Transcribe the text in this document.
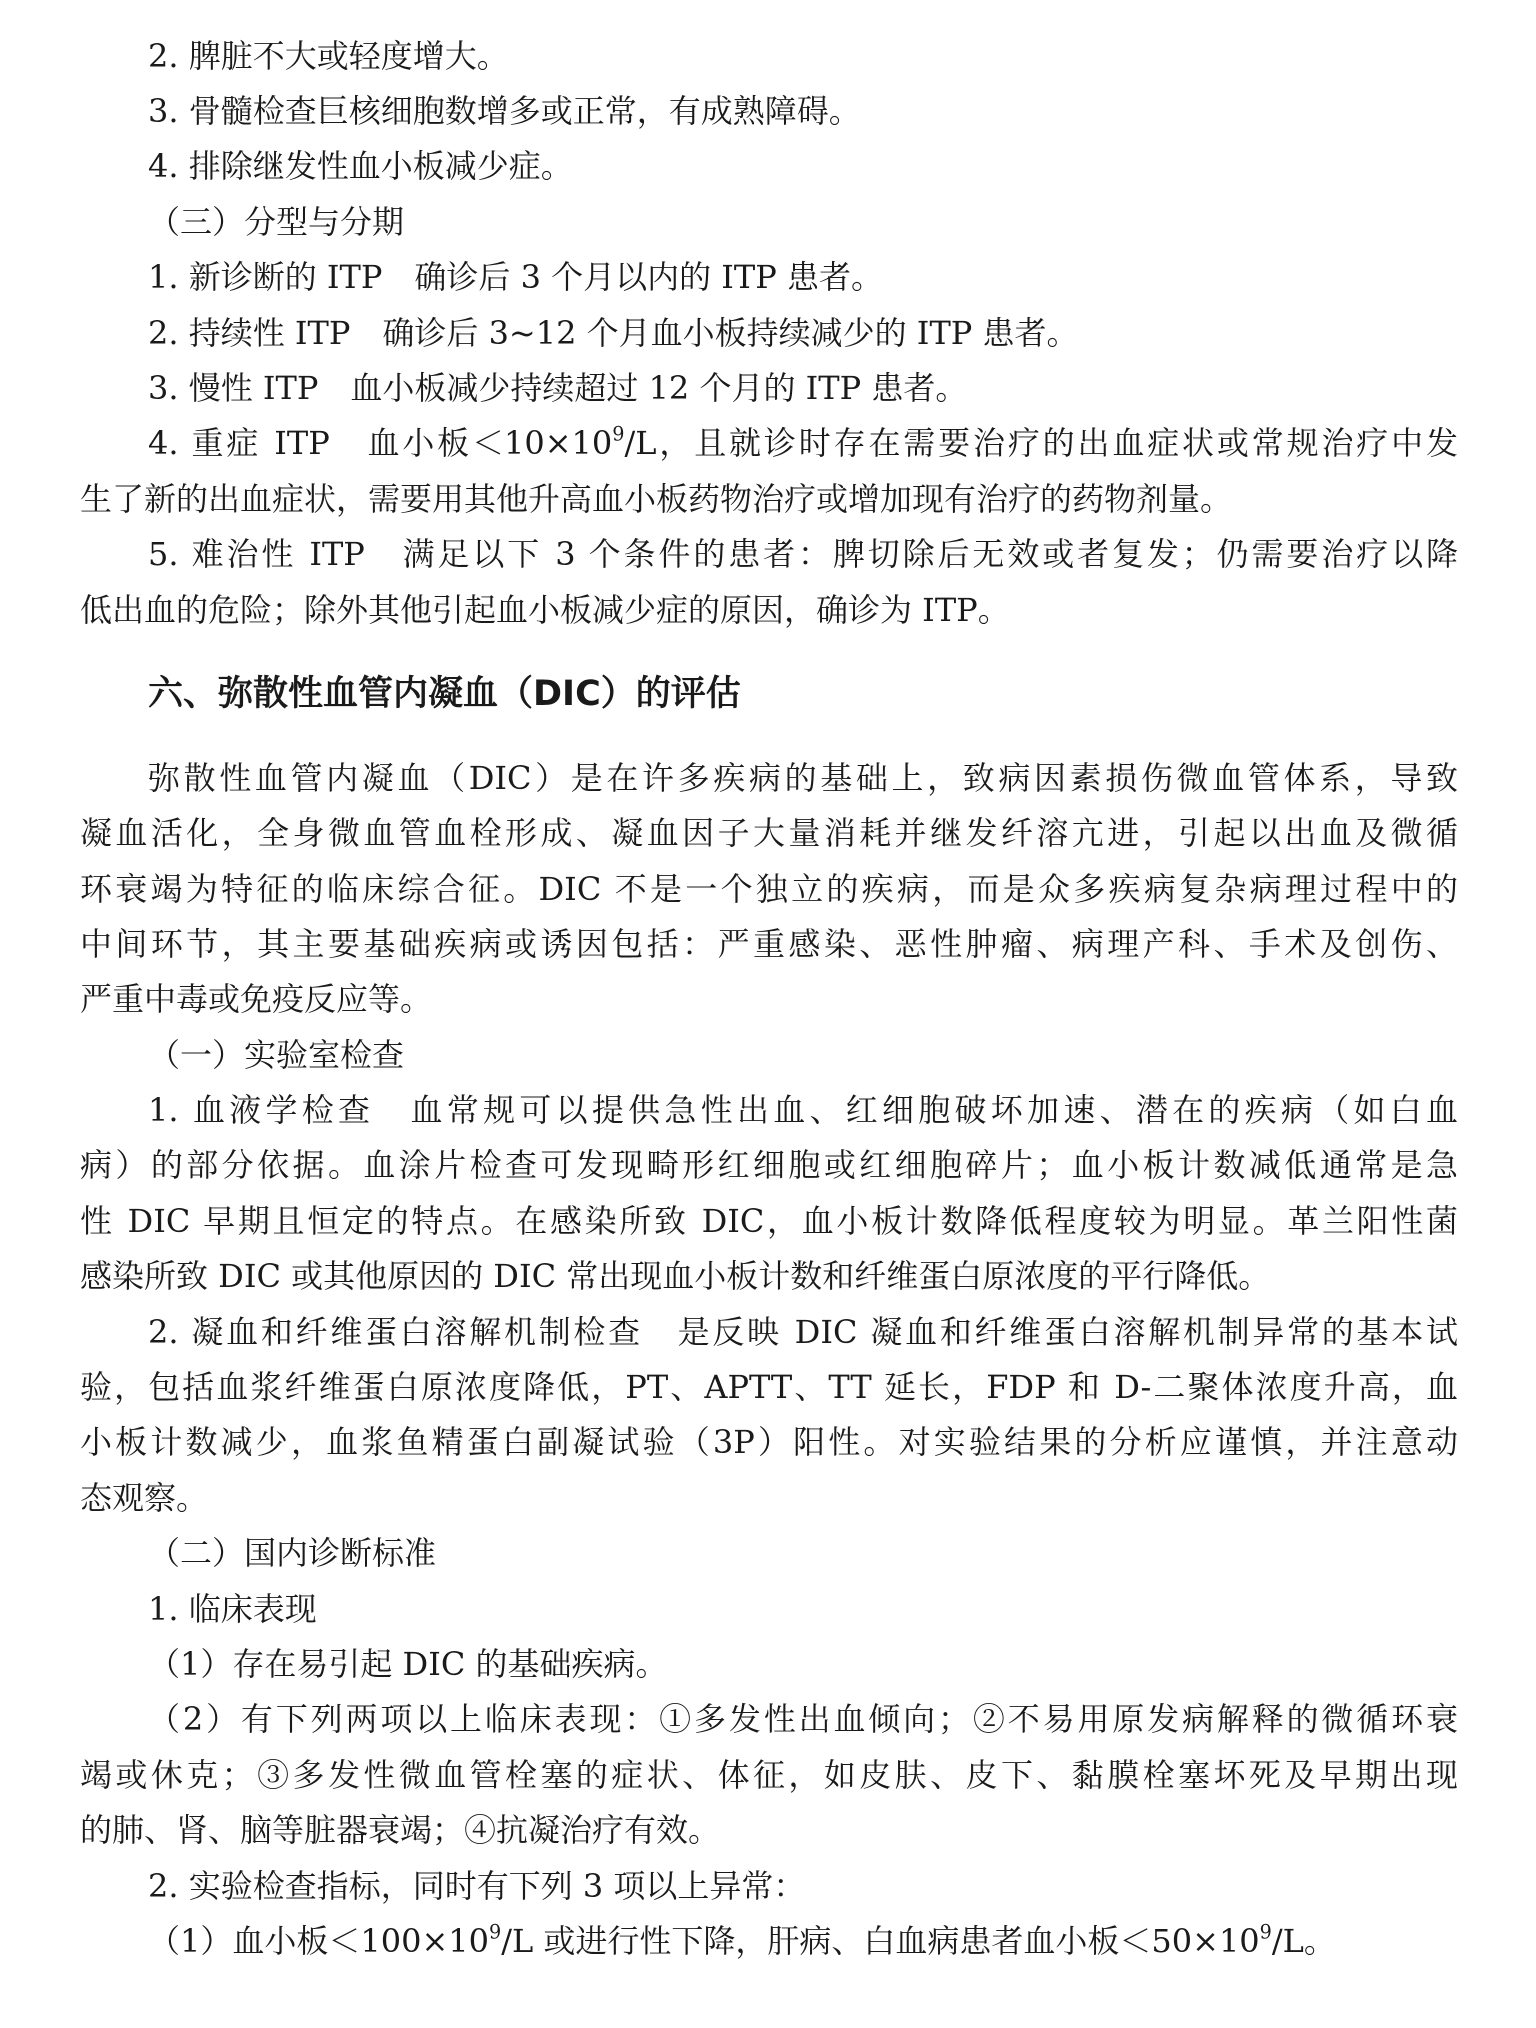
2. 脾脏不大或轻度增大。
3. 骨髓检查巨核细胞数增多或正常，有成熟障碍。
4. 排除继发性血小板减少症。
（三）分型与分期
1. 新诊断的 ITP　确诊后 3 个月以内的 ITP 患者。
2. 持续性 ITP　确诊后 3~12 个月血小板持续减少的 ITP 患者。
3. 慢性 ITP　血小板减少持续超过 12 个月的 ITP 患者。
4. 重症 ITP　血小板$<10\times 10^9/L$，且就诊时存在需要治疗的出血症状或常规治疗中发
生了新的出血症状，需要用其他升高血小板药物治疗或增加现有治疗的药物剂量。
5. 难治性 ITP　满足以下 3 个条件的患者：脾切除后无效或者复发；仍需要治疗以降
低出血的危险；除外其他引起血小板减少症的原因，确诊为 ITP。
六、弥散性血管内凝血（DIC）的评估
弥散性血管内凝血（DIC）是在许多疾病的基础上，致病因素损伤微血管体系，导致
凝血活化，全身微血管血栓形成、凝血因子大量消耗并继发纤溶亢进，引起以出血及微循
环衰竭为特征的临床综合征。DIC 不是一个独立的疾病，而是众多疾病复杂病理过程中的
中间环节，其主要基础疾病或诱因包括：严重感染、恶性肿瘤、病理产科、手术及创伤、
严重中毒或免疫反应等。
（一）实验室检查
1. 血液学检查　血常规可以提供急性出血、红细胞破坏加速、潜在的疾病（如白血
病）的部分依据。血涂片检查可发现畸形红细胞或红细胞碎片；血小板计数减低通常是急
性 DIC 早期且恒定的特点。在感染所致 DIC，血小板计数降低程度较为明显。革兰阳性菌
感染所致 DIC 或其他原因的 DIC 常出现血小板计数和纤维蛋白原浓度的平行降低。
2. 凝血和纤维蛋白溶解机制检查　是反映 DIC 凝血和纤维蛋白溶解机制异常的基本试
验，包括血浆纤维蛋白原浓度降低，PT、APTT、TT 延长，FDP 和 D-二聚体浓度升高，血
小板计数减少，血浆鱼精蛋白副凝试验（3P）阳性。对实验结果的分析应谨慎，并注意动
态观察。
（二）国内诊断标准
1. 临床表现
（1）存在易引起 DIC 的基础疾病。
（2）有下列两项以上临床表现：①多发性出血倾向；②不易用原发病解释的微循环衰
竭或休克；③多发性微血管栓塞的症状、体征，如皮肤、皮下、黏膜栓塞坏死及早期出现
的肺、肾、脑等脏器衰竭；④抗凝治疗有效。
2. 实验检查指标，同时有下列 3 项以上异常：
（1）血小板$<100\times 10^9/L$ 或进行性下降，肝病、白血病患者血小板$<50\times 10^9/L$。
